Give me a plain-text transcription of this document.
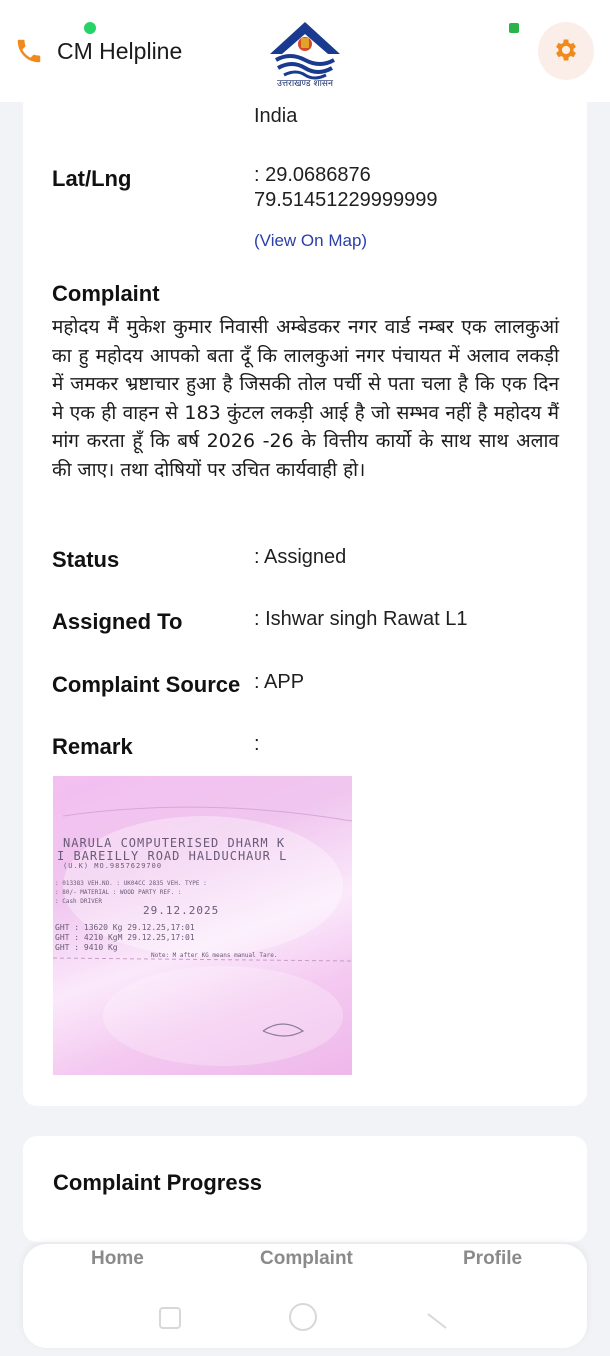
CM Helpline
उत्तराखण्ड शासन
India
Lat/Lng	: 29.0686876
79.51451229999999
(View On Map)
Complaint
महोदय मैं मुकेश कुमार निवासी अम्बेडकर नगर वार्ड नम्बर एक लालकुआं का हु महोदय आपको बता दूँ कि लालकुआं नगर पंचायत में अलाव लकड़ी में जमकर भ्रष्टाचार हुआ है जिसकी तोल पर्ची से पता चला है कि एक दिन मे एक ही वाहन से 183 कुंटल लकड़ी आई है जो सम्भव नहीं है महोदय मैं मांग करता हूँ कि बर्ष 2026 -26 के वित्तीय कार्यो के साथ साथ अलाव की जाए। तथा दोषियों पर उचित कार्यवाही हो।
Status	: Assigned
Assigned To	: Ishwar singh Rawat L1
Complaint Source : APP
Remark	:
NARULA COMPUTERISED DHARM K
I BAREILLY ROAD HALDUCHAUR L
(U.K) MO.9857629700
: 013383 VEH.NO. : UK04CC 2835 VEH. TYPE :
: 80/- MATERIAL : WOOD PARTY REF. :
: Cash DRIVER
29.12.2025
GHT : 13620 Kg 29.12.25,17:01
GHT : 4210 KgM 29.12.25,17:01
GHT : 9410 Kg
Note: M after KG means manual Tare.
Complaint Progress
Home	Complaint	Profile
